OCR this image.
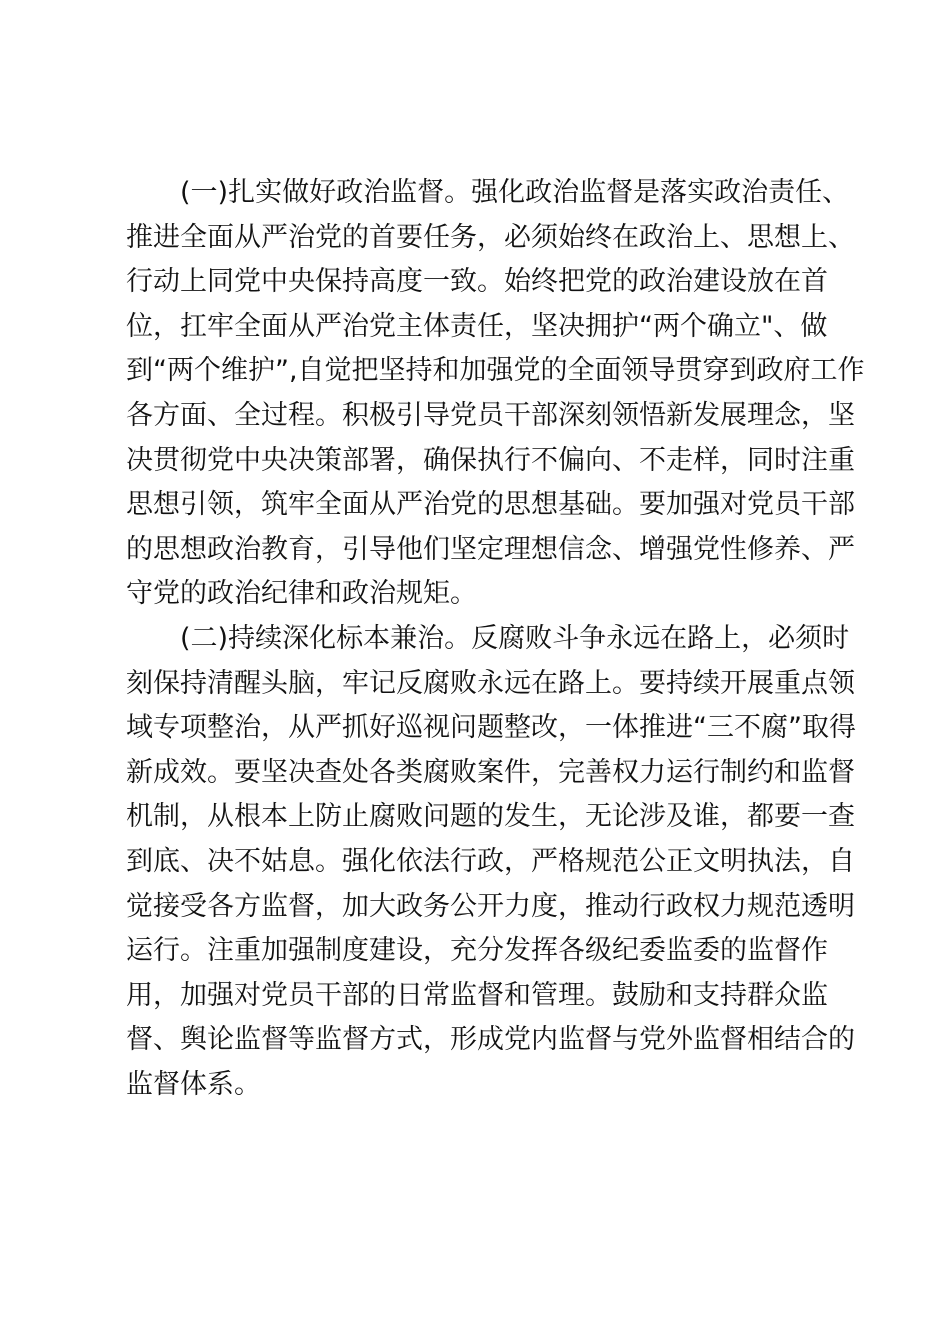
(一)扎实做好政治监督。强化政治监督是落实政治责任、
推进全面从严治党的首要任务，必须始终在政治上、思想上、
行动上同党中央保持高度一致。始终把党的政治建设放在首
位，扛牢全面从严治党主体责任，坚决拥护“两个确立"、做
到“两个维护”,自觉把坚持和加强党的全面领导贯穿到政府工作
各方面、全过程。积极引导党员干部深刻领悟新发展理念，坚
决贯彻党中央决策部署，确保执行不偏向、不走样，同时注重
思想引领，筑牢全面从严治党的思想基础。要加强对党员干部
的思想政治教育，引导他们坚定理想信念、增强党性修养、严
守党的政治纪律和政治规矩。
(二)持续深化标本兼治。反腐败斗争永远在路上，必须时
刻保持清醒头脑，牢记反腐败永远在路上。要持续开展重点领
域专项整治，从严抓好巡视问题整改，一体推进“三不腐”取得
新成效。要坚决查处各类腐败案件，完善权力运行制约和监督
机制，从根本上防止腐败问题的发生，无论涉及谁，都要一查
到底、决不姑息。强化依法行政，严格规范公正文明执法，自
觉接受各方监督，加大政务公开力度，推动行政权力规范透明
运行。注重加强制度建设，充分发挥各级纪委监委的监督作
用，加强对党员干部的日常监督和管理。鼓励和支持群众监
督、舆论监督等监督方式，形成党内监督与党外监督相结合的
监督体系。
